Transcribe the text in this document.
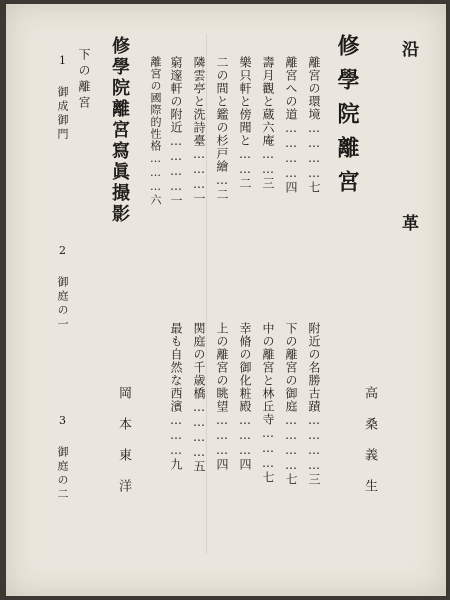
沿　革
修學院離宮
離宮の環境…………七
離宮への道…………四
壽月觀と蔵六庵……三
樂只軒と傍聞と……二
二の間と鑑の杉戸繪…二
隣雲亭と洗詩臺………一
窮邃軒の附近…………一
離宮の國際的性格………六
高桑義生
附近の名勝古蹟…………三
下の離宮の御庭…………七
中の離宮と林丘寺………七
幸脩の御化粧殿………四
上の離宮の眺望………四
関庭の千歳橋…………五
最も自然な西濱………九
修學院離宮寫眞撮影
下の離宮
1 御成御門
2 御庭の一
3 御庭の二	岡本東洋
